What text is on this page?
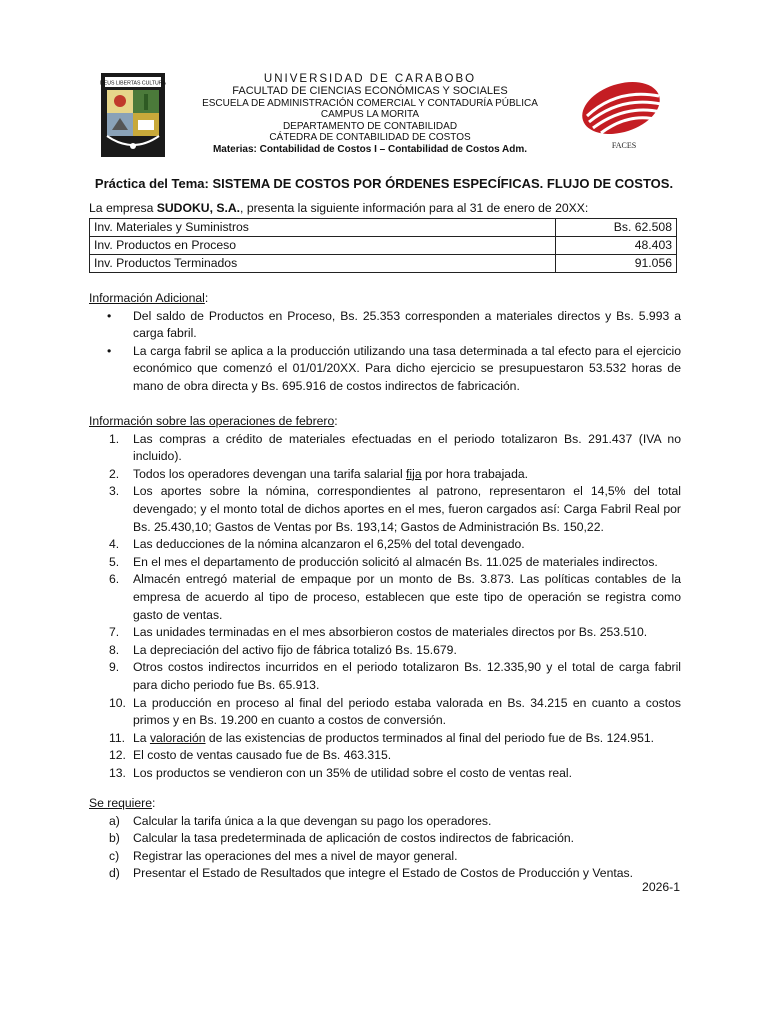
DEUS LIBERTAS CULTURA	UNIVERSIDAD DE CARABOBO
FACULTAD DE CIENCIAS ECONÓMICAS Y SOCIALES
ESCUELA DE ADMINISTRACIÓN COMERCIAL Y CONTADURÍA PÚBLICA
CAMPUS LA MORITA
DEPARTAMENTO DE CONTABILIDAD
CÁTEDRA DE CONTABILIDAD DE COSTOS
Materias: Contabilidad de Costos I – Contabilidad de Costos Adm.	FACES
Práctica del Tema: SISTEMA DE COSTOS POR ÓRDENES ESPECÍFICAS. FLUJO DE COSTOS.
La empresa SUDOKU, S.A., presenta la siguiente información para al 31 de enero de 20XX:
Inv. Materiales y Suministros	Bs. 62.508
Inv. Productos en Proceso	48.403
Inv. Productos Terminados	91.056
Información Adicional:
• Del saldo de Productos en Proceso, Bs. 25.353 corresponden a materiales directos y Bs. 5.993 a carga fabril.
• La carga fabril se aplica a la producción utilizando una tasa determinada a tal efecto para el ejercicio económico que comenzó el 01/01/20XX. Para dicho ejercicio se presupuestaron 53.532 horas de mano de obra directa y Bs. 695.916 de costos indirectos de fabricación.
Información sobre las operaciones de febrero:
1. Las compras a crédito de materiales efectuadas en el periodo totalizaron Bs. 291.437 (IVA no incluido).
2. Todos los operadores devengan una tarifa salarial fija por hora trabajada.
3. Los aportes sobre la nómina, correspondientes al patrono, representaron el 14,5% del total devengado; y el monto total de dichos aportes en el mes, fueron cargados así: Carga Fabril Real por Bs. 25.430,10; Gastos de Ventas por Bs. 193,14; Gastos de Administración Bs. 150,22.
4. Las deducciones de la nómina alcanzaron el 6,25% del total devengado.
5. En el mes el departamento de producción solicitó al almacén Bs. 11.025 de materiales indirectos.
6. Almacén entregó material de empaque por un monto de Bs. 3.873. Las políticas contables de la empresa de acuerdo al tipo de proceso, establecen que este tipo de operación se registra como gasto de ventas.
7. Las unidades terminadas en el mes absorbieron costos de materiales directos por Bs. 253.510.
8. La depreciación del activo fijo de fábrica totalizó Bs. 15.679.
9. Otros costos indirectos incurridos en el periodo totalizaron Bs. 12.335,90 y el total de carga fabril para dicho periodo fue Bs. 65.913.
10. La producción en proceso al final del periodo estaba valorada en Bs. 34.215 en cuanto a costos primos y en Bs. 19.200 en cuanto a costos de conversión.
11. La valoración de las existencias de productos terminados al final del periodo fue de Bs. 124.951.
12. El costo de ventas causado fue de Bs. 463.315.
13. Los productos se vendieron con un 35% de utilidad sobre el costo de ventas real.
Se requiere:
a) Calcular la tarifa única a la que devengan su pago los operadores.
b) Calcular la tasa predeterminada de aplicación de costos indirectos de fabricación.
c) Registrar las operaciones del mes a nivel de mayor general.
d) Presentar el Estado de Resultados que integre el Estado de Costos de Producción y Ventas.
2026-1
